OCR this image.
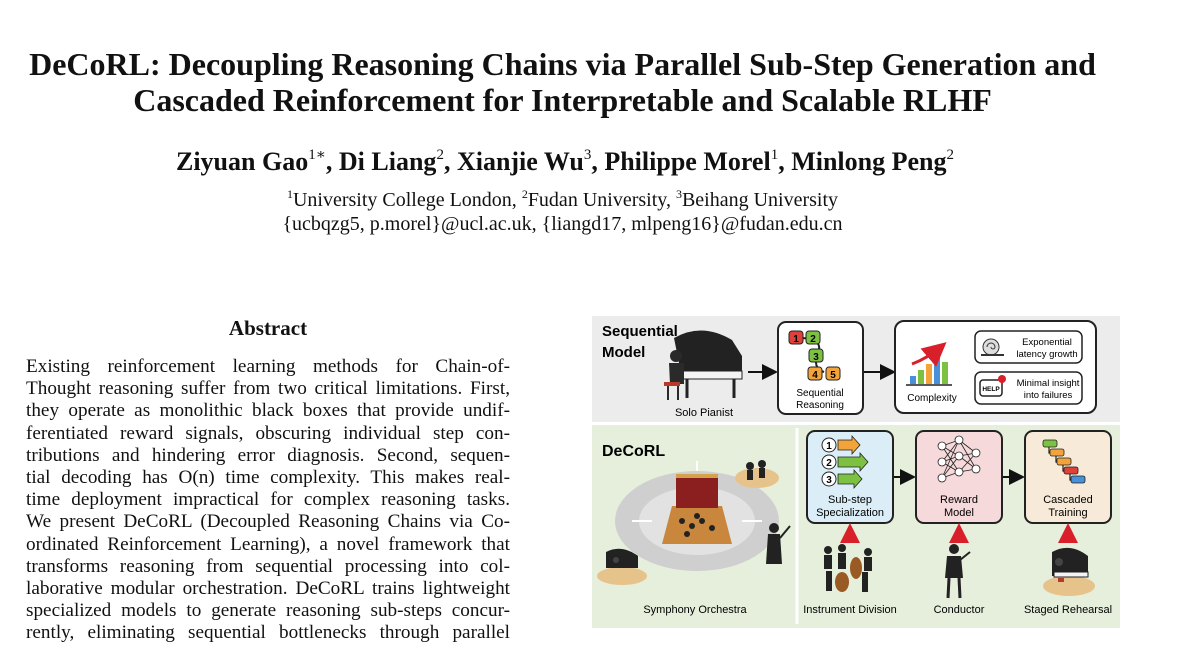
DeCoRL: Decoupling Reasoning Chains via Parallel Sub-Step Generation and
Cascaded Reinforcement for Interpretable and Scalable RLHF
Ziyuan Gao$^{1∗}$, Di Liang$^2$, Xianjie Wu$^3$, Philippe Morel$^1$, Minlong Peng$^2$
$^1$University College London, $^2$Fudan University, $^3$Beihang University
{ucbqzg5, p.morel}@ucl.ac.uk, {liangd17, mlpeng16}@fudan.edu.cn
Abstract
Existing reinforcement learning methods for Chain-of-
Thought reasoning suffer from two critical limitations. First,
they operate as monolithic black boxes that provide undif-
ferentiated reward signals, obscuring individual step con-
tributions and hindering error diagnosis. Second, sequen-
tial decoding has O(n) time complexity. This makes real-
time deployment impractical for complex reasoning tasks.
We present DeCoRL (Decoupled Reasoning Chains via Co-
ordinated Reinforcement Learning), a novel framework that
transforms reasoning from sequential processing into col-
laborative modular orchestration. DeCoRL trains lightweight
specialized models to generate reasoning sub-steps concur-
rently, eliminating sequential bottlenecks through parallel
Sequential
Model
Solo Pianist
1 2
3
4 5
Sequential
Reasoning
Complexity
Exponential
latency growth
HELP
Minimal insight
into failures
DeCoRL
Symphony Orchestra
1
2
3
Sub-step
Specialization
Reward
Model
Cascaded
Training
Instrument Division	Conductor	Staged Rehearsal
